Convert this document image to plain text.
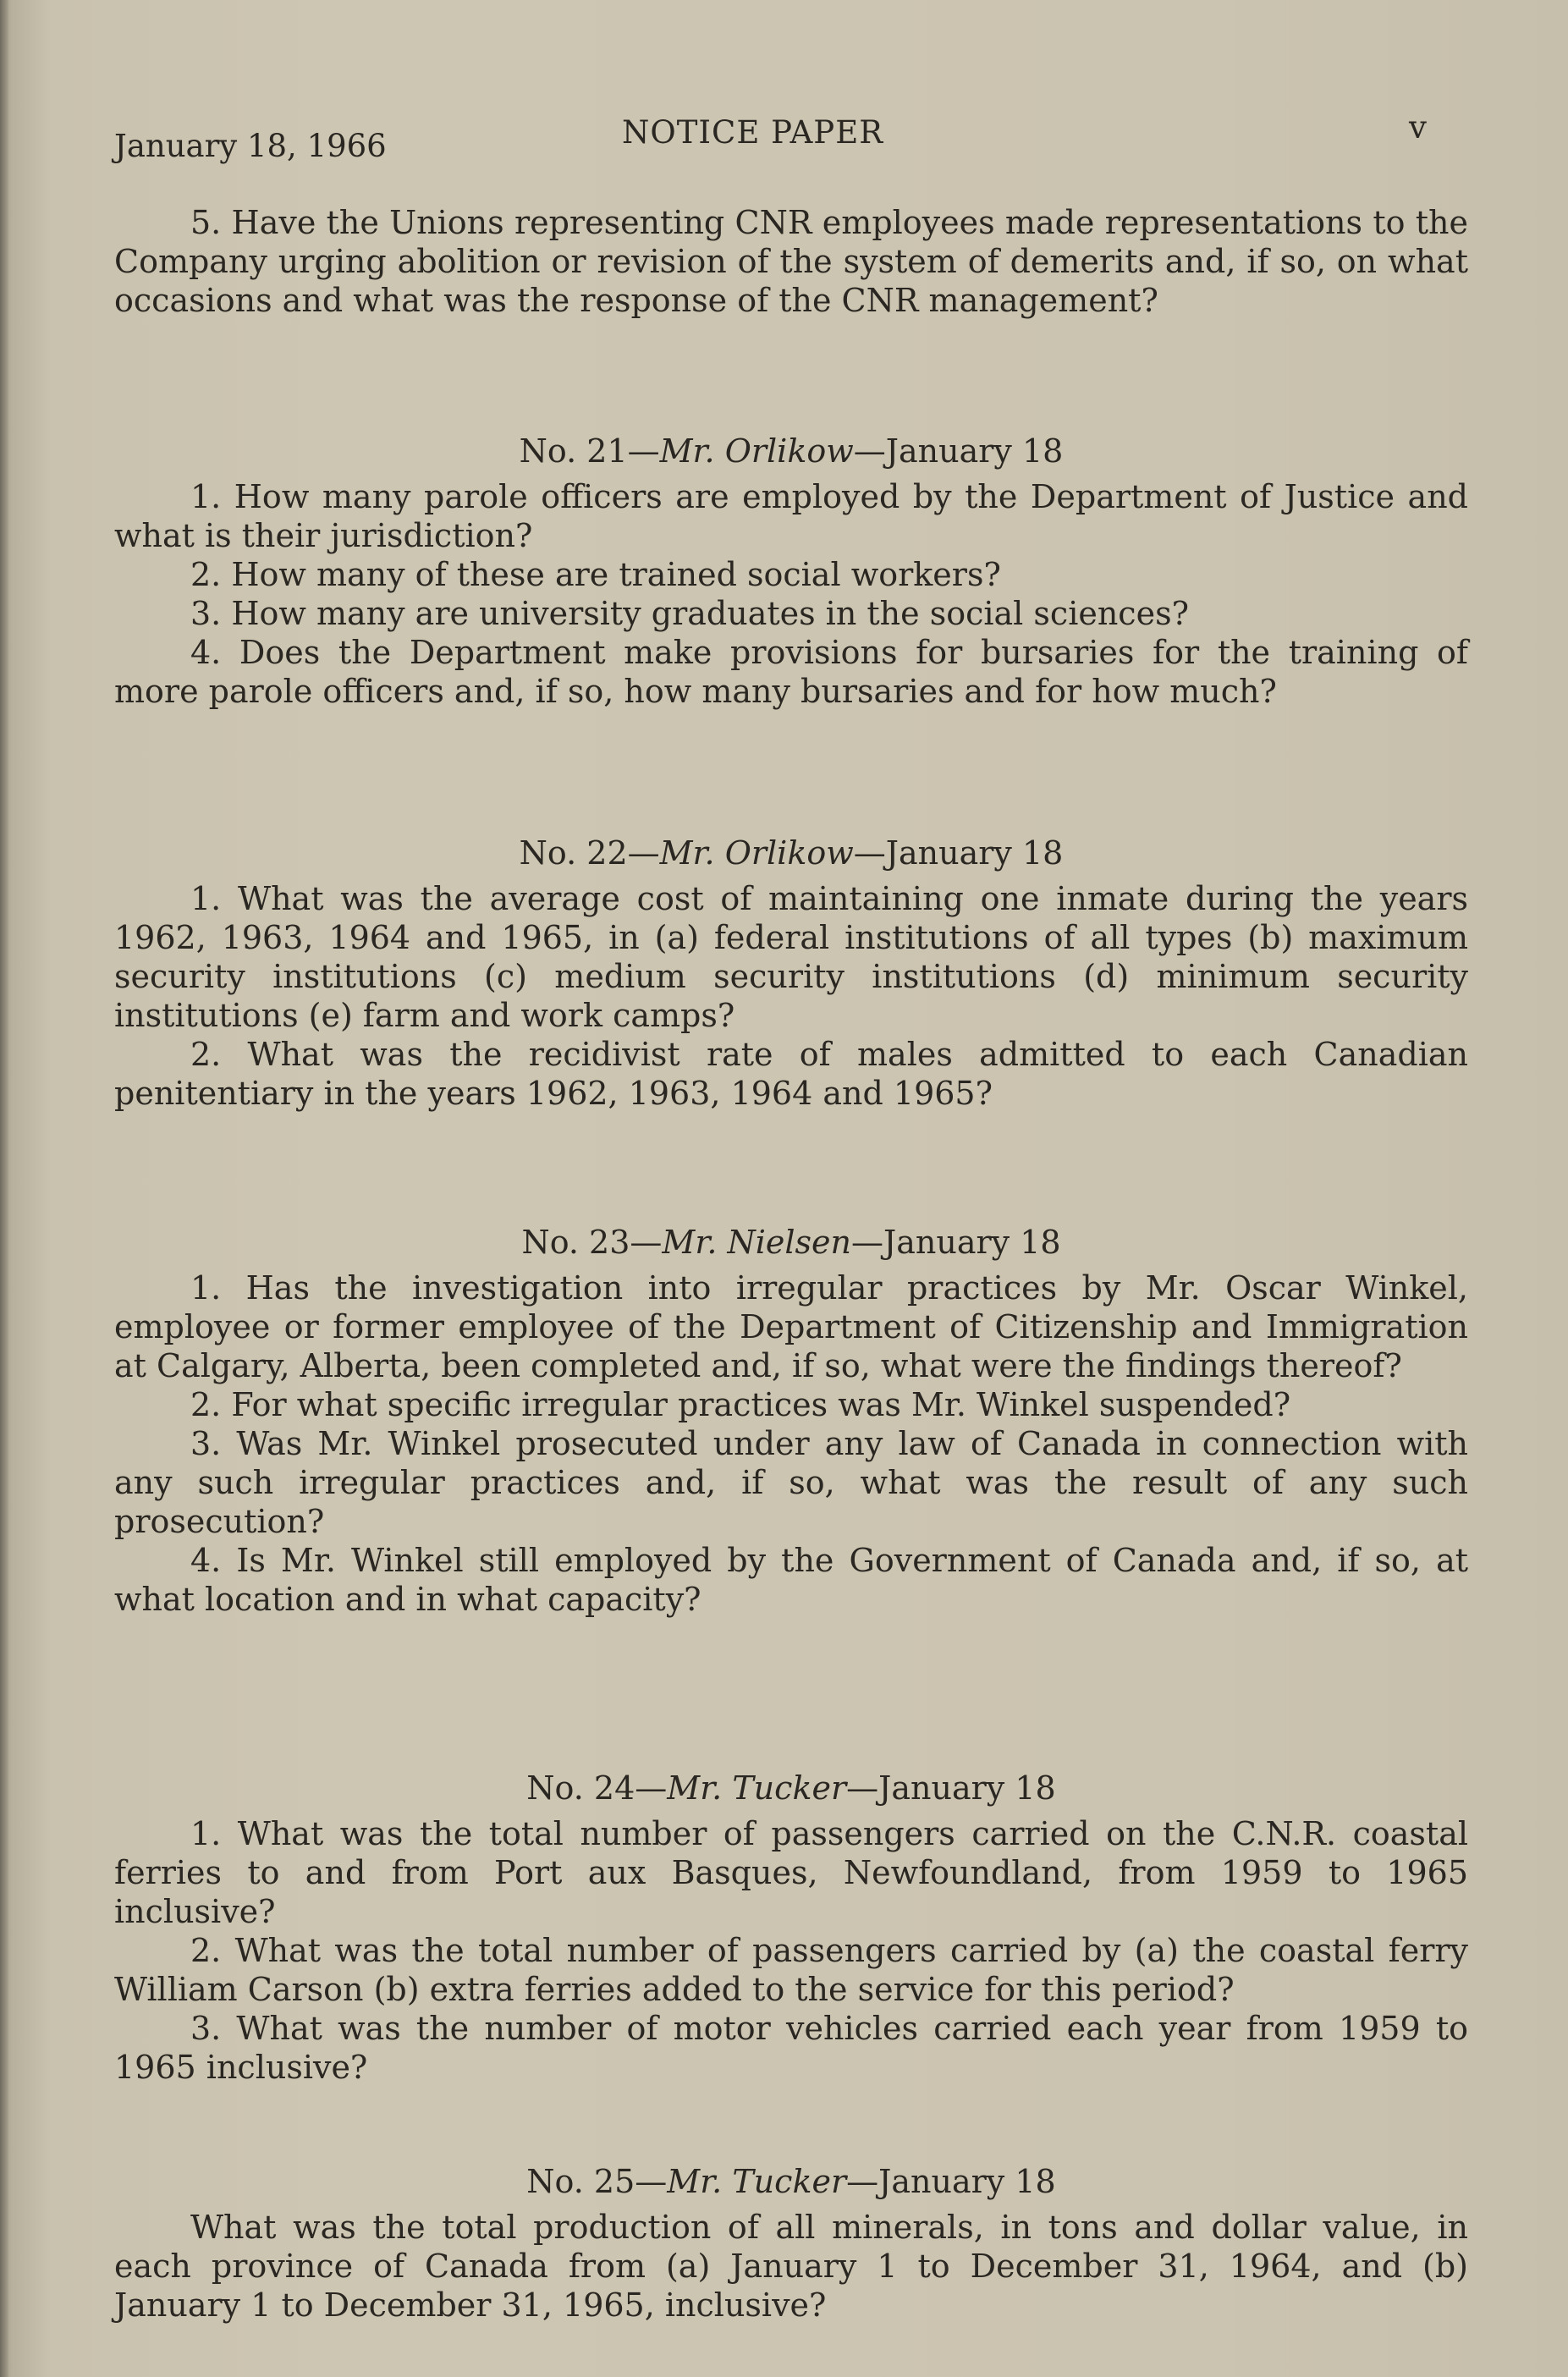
January 18, 1966	NOTICE PAPER	v

5. Have the Unions representing CNR employees made representations to the Company urging abolition or revision of the system of demerits and, if so, on what occasions and what was the response of the CNR management?

No. 21—Mr. Orlikow—January 18

1. How many parole officers are employed by the Department of Justice and what is their jurisdiction?

2. How many of these are trained social workers?

3. How many are university graduates in the social sciences?

4. Does the Department make provisions for bursaries for the training of more parole officers and, if so, how many bursaries and for how much?

No. 22—Mr. Orlikow—January 18

1. What was the average cost of maintaining one inmate during the years 1962, 1963, 1964 and 1965, in (a) federal institutions of all types (b) maximum security institutions (c) medium security institutions (d) minimum security institutions (e) farm and work camps?

2. What was the recidivist rate of males admitted to each Canadian penitentiary in the years 1962, 1963, 1964 and 1965?

No. 23—Mr. Nielsen—January 18

1. Has the investigation into irregular practices by Mr. Oscar Winkel, employee or former employee of the Department of Citizenship and Immigration at Calgary, Alberta, been completed and, if so, what were the findings thereof?

2. For what specific irregular practices was Mr. Winkel suspended?

3. Was Mr. Winkel prosecuted under any law of Canada in connection with any such irregular practices and, if so, what was the result of any such prosecution?

4. Is Mr. Winkel still employed by the Government of Canada and, if so, at what location and in what capacity?

No. 24—Mr. Tucker—January 18

1. What was the total number of passengers carried on the C.N.R. coastal ferries to and from Port aux Basques, Newfoundland, from 1959 to 1965 inclusive?

2. What was the total number of passengers carried by (a) the coastal ferry William Carson (b) extra ferries added to the service for this period?

3. What was the number of motor vehicles carried each year from 1959 to 1965 inclusive?

No. 25—Mr. Tucker—January 18

What was the total production of all minerals, in tons and dollar value, in each province of Canada from (a) January 1 to December 31, 1964, and (b) January 1 to December 31, 1965, inclusive?
